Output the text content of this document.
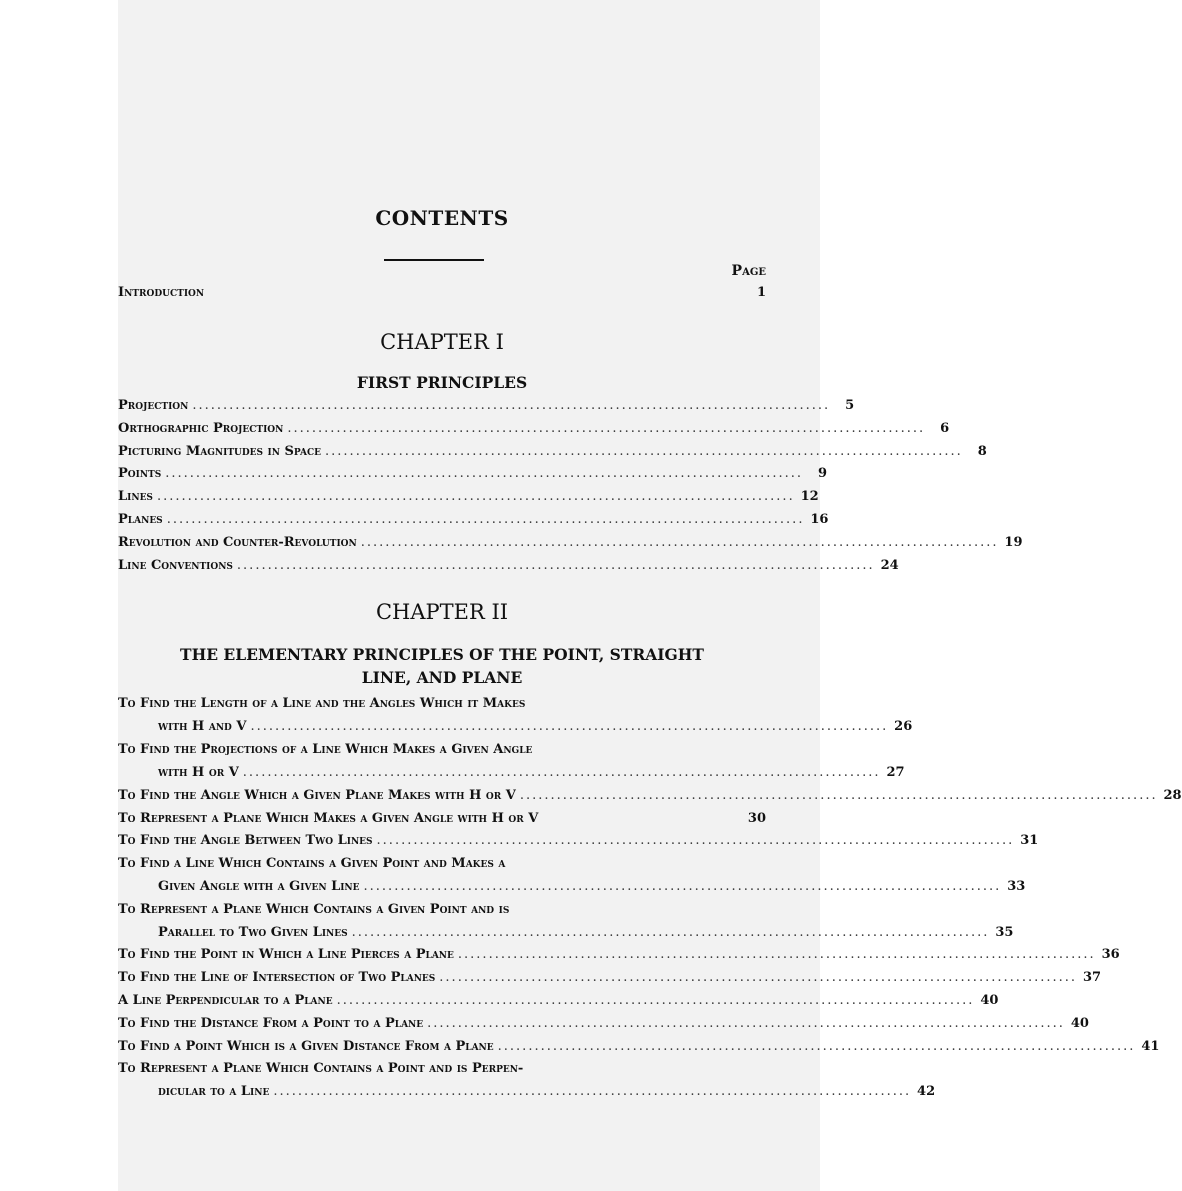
CONTENTS
Page
Introduction	1
CHAPTER I
FIRST PRINCIPLES
Projection ........................................................................................................	5
Orthographic Projection ........................................................................................................	6
Picturing Magnitudes in Space ........................................................................................................	8
Points ........................................................................................................	9
Lines ........................................................................................................ 12
Planes ........................................................................................................ 16
Revolution and Counter-Revolution ........................................................................................................ 19
Line Conventions ........................................................................................................ 24
CHAPTER II
THE ELEMENTARY PRINCIPLES OF THE POINT, STRAIGHT
LINE, AND PLANE
To Find the Length of a Line and the Angles Which it Makes
with H and V ........................................................................................................ 26
To Find the Projections of a Line Which Makes a Given Angle
with H or V ........................................................................................................ 27
To Find the Angle Which a Given Plane Makes with H or V ........................................................................................................ 28
To Represent a Plane Which Makes a Given Angle with H or V	30
To Find the Angle Between Two Lines ........................................................................................................ 31
To Find a Line Which Contains a Given Point and Makes a
Given Angle with a Given Line ........................................................................................................ 33
To Represent a Plane Which Contains a Given Point and is
Parallel to Two Given Lines ........................................................................................................ 35
To Find the Point in Which a Line Pierces a Plane ........................................................................................................ 36
To Find the Line of Intersection of Two Planes ........................................................................................................ 37
A Line Perpendicular to a Plane ........................................................................................................ 40
To Find the Distance From a Point to a Plane ........................................................................................................ 40
To Find a Point Which is a Given Distance From a Plane ........................................................................................................ 41
To Represent a Plane Which Contains a Point and is Perpen-
dicular to a Line ........................................................................................................ 42
